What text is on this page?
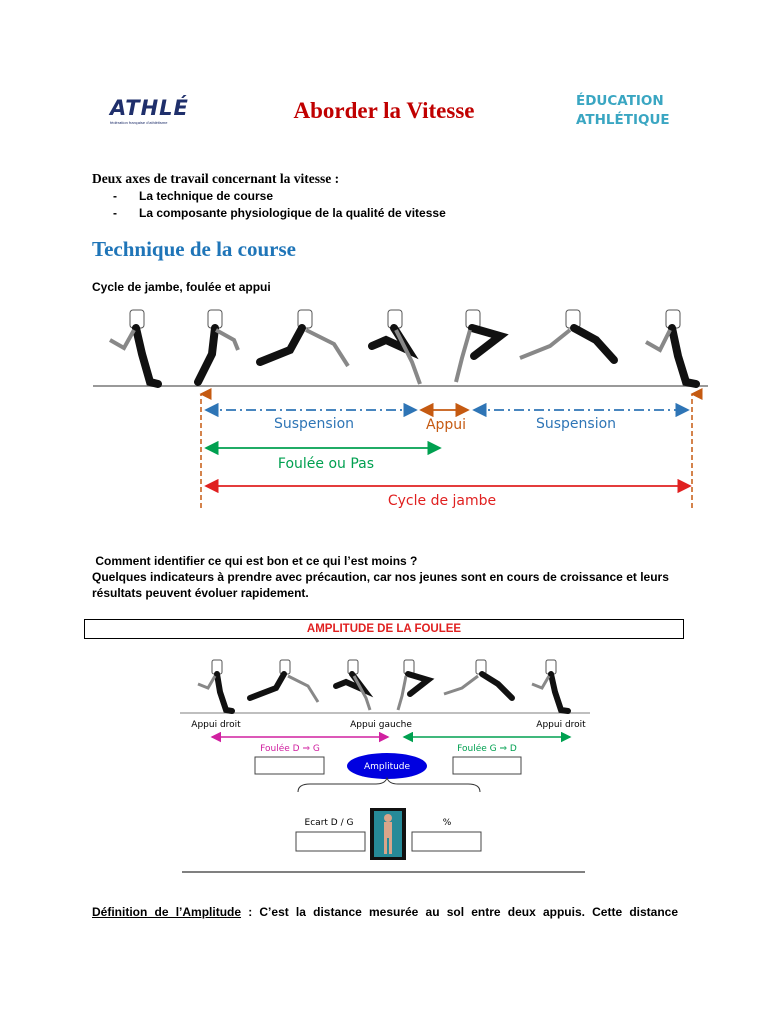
ATHLÉ
fédération française d'athlétisme	Aborder la Vitesse	ÉDUCATION
ATHLÉTIQUE
Deux axes de travail concernant la vitesse :
- La technique de course
- La composante physiologique de la qualité de vitesse
Technique de la course
Cycle de jambe, foulée et appui
Suspension	Appui	Suspension
Foulée ou Pas
Cycle de jambe
Comment identifier ce qui est bon et ce qui l’est moins ?
Quelques indicateurs à prendre avec précaution, car nos jeunes sont en cours de croissance et leurs résultats peuvent évoluer rapidement.
AMPLITUDE DE LA FOULEE
Appui droit	Appui gauche	Appui droit
Foulée D ⇒ G	Foulée G ⇒ D
Amplitude
Ecart D / G	%
Définition de l’Amplitude : C’est la distance mesurée au sol entre deux appuis. Cette distance
